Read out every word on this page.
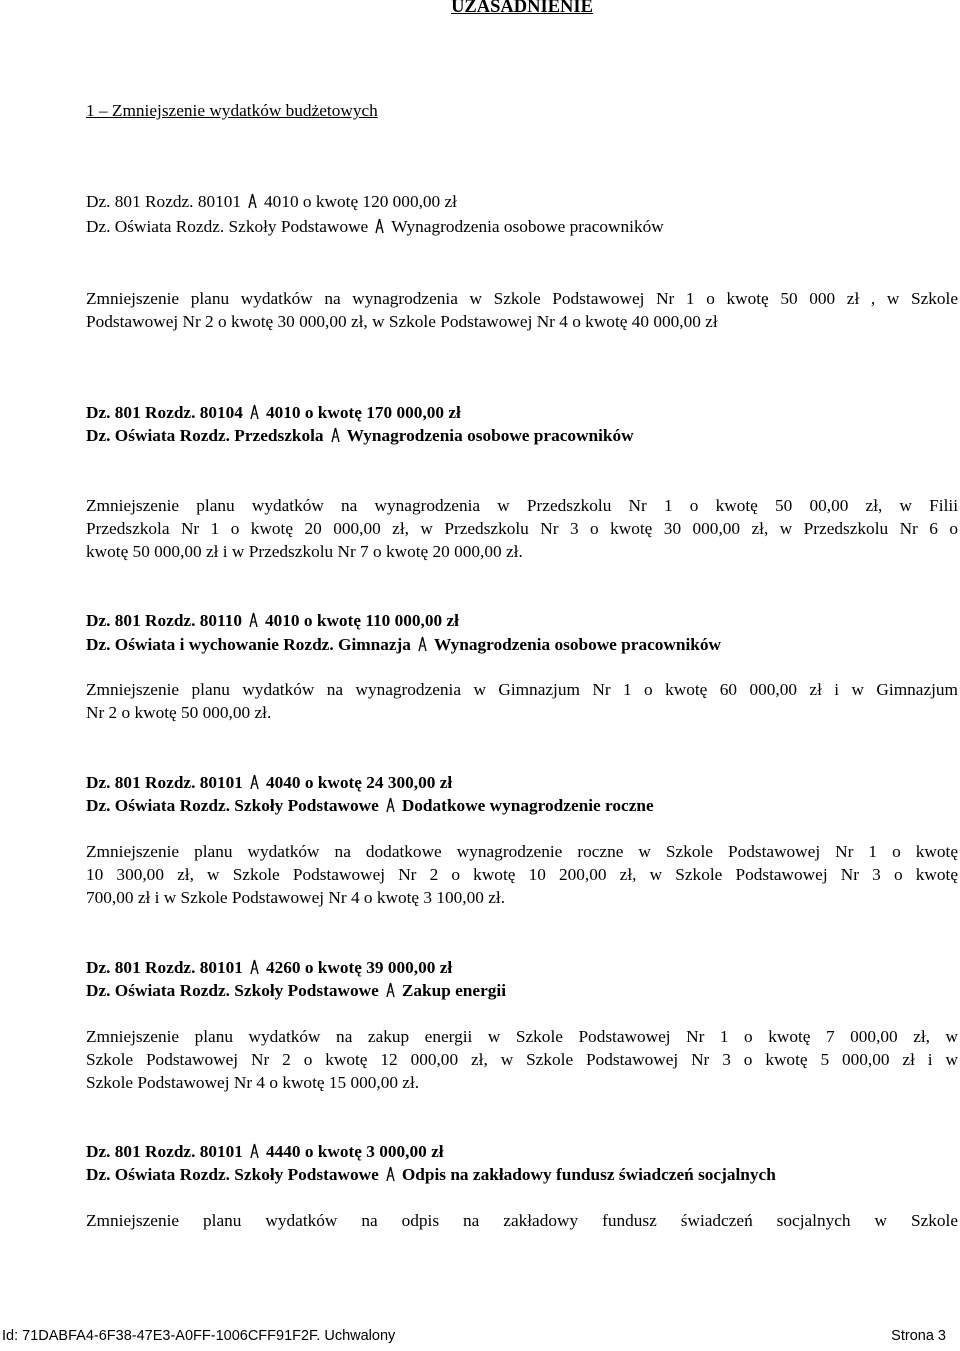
UZASADNIENIE
1 – Zmniejszenie wydatków budżetowych
Dz. 801 Rozdz. 80101 4010 o kwotę 120 000,00 zł
Dz. Oświata Rozdz. Szkoły Podstawowe Wynagrodzenia osobowe pracowników
Zmniejszenie planu wydatków na wynagrodzenia w Szkole Podstawowej Nr 1 o kwotę 50 000 zł , w Szkole
Podstawowej Nr 2 o kwotę 30 000,00 zł, w Szkole Podstawowej Nr 4 o kwotę 40 000,00 zł
Dz. 801 Rozdz. 80104 4010 o kwotę 170 000,00 zł
Dz. Oświata Rozdz. Przedszkola Wynagrodzenia osobowe pracowników
Zmniejszenie planu wydatków na wynagrodzenia w Przedszkolu Nr 1 o kwotę 50 00,00 zł, w Filii
Przedszkola Nr 1 o kwotę 20 000,00 zł, w Przedszkolu Nr 3 o kwotę 30 000,00 zł, w Przedszkolu Nr 6 o
kwotę 50 000,00 zł i w Przedszkolu Nr 7 o kwotę 20 000,00 zł.
Dz. 801 Rozdz. 80110 4010 o kwotę 110 000,00 zł
Dz. Oświata i wychowanie Rozdz. Gimnazja Wynagrodzenia osobowe pracowników
Zmniejszenie planu wydatków na wynagrodzenia w Gimnazjum Nr 1 o kwotę 60 000,00 zł i w Gimnazjum
Nr 2 o kwotę 50 000,00 zł.
Dz. 801 Rozdz. 80101 4040 o kwotę 24 300,00 zł
Dz. Oświata Rozdz. Szkoły Podstawowe Dodatkowe wynagrodzenie roczne
Zmniejszenie planu wydatków na dodatkowe wynagrodzenie roczne w Szkole Podstawowej Nr 1 o kwotę
10 300,00 zł, w Szkole Podstawowej Nr 2 o kwotę 10 200,00 zł, w Szkole Podstawowej Nr 3 o kwotę
700,00 zł i w Szkole Podstawowej Nr 4 o kwotę 3 100,00 zł.
Dz. 801 Rozdz. 80101 4260 o kwotę 39 000,00 zł
Dz. Oświata Rozdz. Szkoły Podstawowe Zakup energii
Zmniejszenie planu wydatków na zakup energii w Szkole Podstawowej Nr 1 o kwotę 7 000,00 zł, w
Szkole Podstawowej Nr 2 o kwotę 12 000,00 zł, w Szkole Podstawowej Nr 3 o kwotę 5 000,00 zł i w
Szkole Podstawowej Nr 4 o kwotę 15 000,00 zł.
Dz. 801 Rozdz. 80101 4440 o kwotę 3 000,00 zł
Dz. Oświata Rozdz. Szkoły Podstawowe Odpis na zakładowy fundusz świadczeń socjalnych
Zmniejszenie planu wydatków na odpis na zakładowy fundusz świadczeń socjalnych w Szkole
Id: 71DABFA4-6F38-47E3-A0FF-1006CFF91F2F. Uchwalony	Strona 3
